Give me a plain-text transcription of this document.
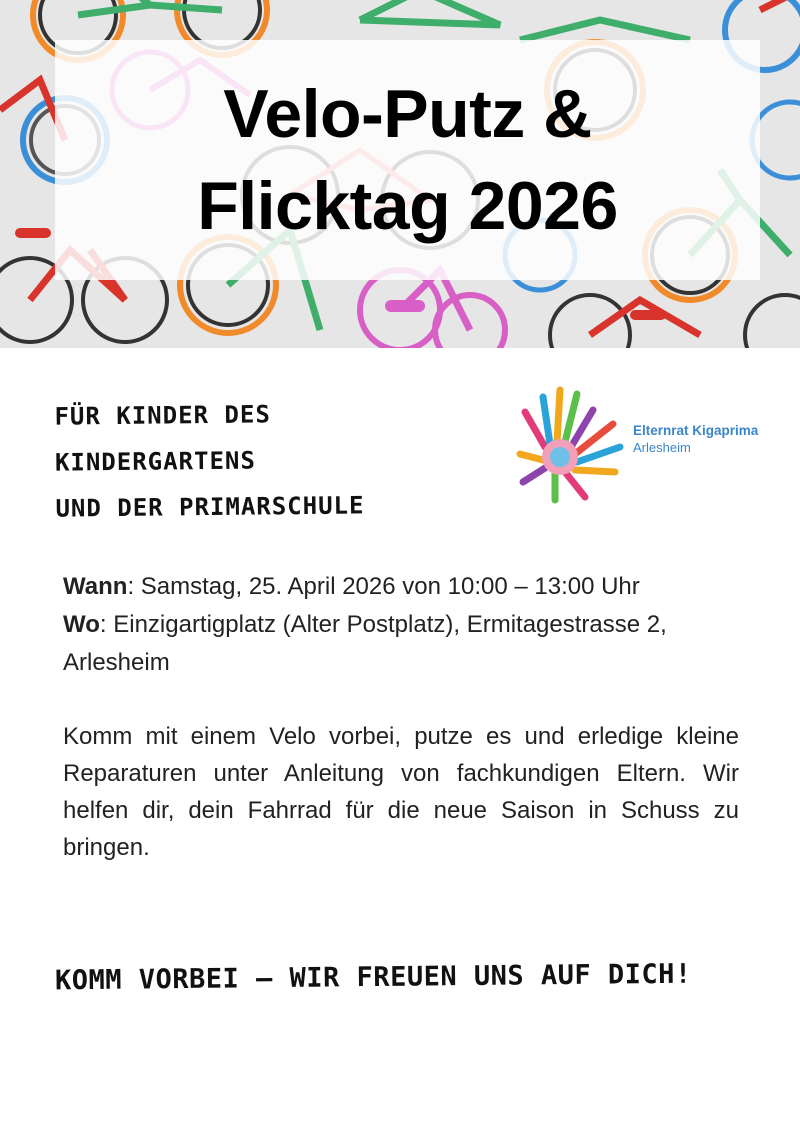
Velo-Putz &
Flicktag 2026
FÜR KINDER DES
KINDERGARTENS
UND DER PRIMARSCHULE
Elternrat Kigaprima
Arlesheim
Wann: Samstag, 25. April 2026 von 10:00 – 13:00 Uhr
Wo: Einzigartigplatz (Alter Postplatz), Ermitagestrasse 2, Arlesheim
Komm mit einem Velo vorbei, putze es und erledige kleine Reparaturen unter Anleitung von fachkundigen Eltern. Wir helfen dir, dein Fahrrad für die neue Saison in Schuss zu bringen.
KOMM VORBEI – WIR FREUEN UNS AUF DICH!
